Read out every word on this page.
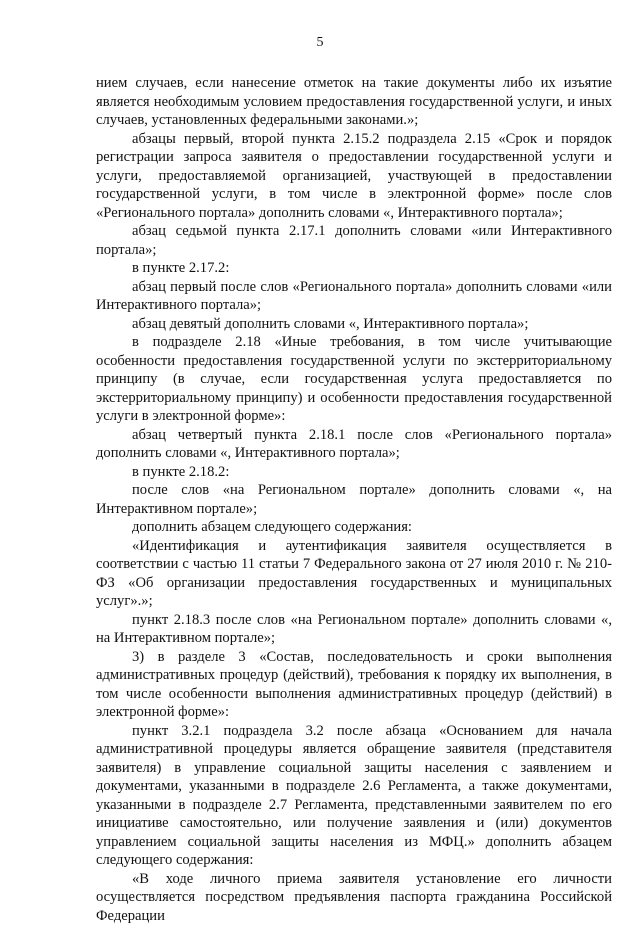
5

нием случаев, если нанесение отметок на такие документы либо их изъятие является необходимым условием предоставления государственной услуги, и иных случаев, установленных федеральными законами.»;

абзацы первый, второй пункта 2.15.2 подраздела 2.15 «Срок и порядок регистрации запроса заявителя о предоставлении государственной услуги и услуги, предоставляемой организацией, участвующей в предоставлении государственной услуги, в том числе в электронной форме» после слов «Регионального портала» дополнить словами «, Интерактивного портала»;

абзац седьмой пункта 2.17.1 дополнить словами «или Интерактивного портала»;

в пункте 2.17.2:

абзац первый после слов «Регионального портала» дополнить словами «или Интерактивного портала»;

абзац девятый дополнить словами «, Интерактивного портала»;

в подразделе 2.18 «Иные требования, в том числе учитывающие особенности предоставления государственной услуги по экстерриториальному принципу (в случае, если государственная услуга предоставляется по экстерриториальному принципу) и особенности предоставления государственной услуги в электронной форме»:

абзац четвертый пункта 2.18.1 после слов «Регионального портала» дополнить словами «, Интерактивного портала»;

в пункте 2.18.2:

после слов «на Региональном портале» дополнить словами «, на Интерактивном портале»;

дополнить абзацем следующего содержания:

«Идентификация и аутентификация заявителя осуществляется в соответствии с частью 11 статьи 7 Федерального закона от 27 июля 2010 г. № 210-ФЗ «Об организации предоставления государственных и муниципальных услуг».»;

пункт 2.18.3 после слов «на Региональном портале» дополнить словами «, на Интерактивном портале»;

3) в разделе 3 «Состав, последовательность и сроки выполнения административных процедур (действий), требования к порядку их выполнения, в том числе особенности выполнения административных процедур (действий) в электронной форме»:

пункт 3.2.1 подраздела 3.2 после абзаца «Основанием для начала административной процедуры является обращение заявителя (представителя заявителя) в управление социальной защиты населения с заявлением и документами, указанными в подразделе 2.6 Регламента, а также документами, указанными в подразделе 2.7 Регламента, представленными заявителем по его инициативе самостоятельно, или получение заявления и (или) документов управлением социальной защиты населения из МФЦ.» дополнить абзацем следующего содержания:

«В ходе личного приема заявителя установление его личности осуществляется посредством предъявления паспорта гражданина Российской Федерации
